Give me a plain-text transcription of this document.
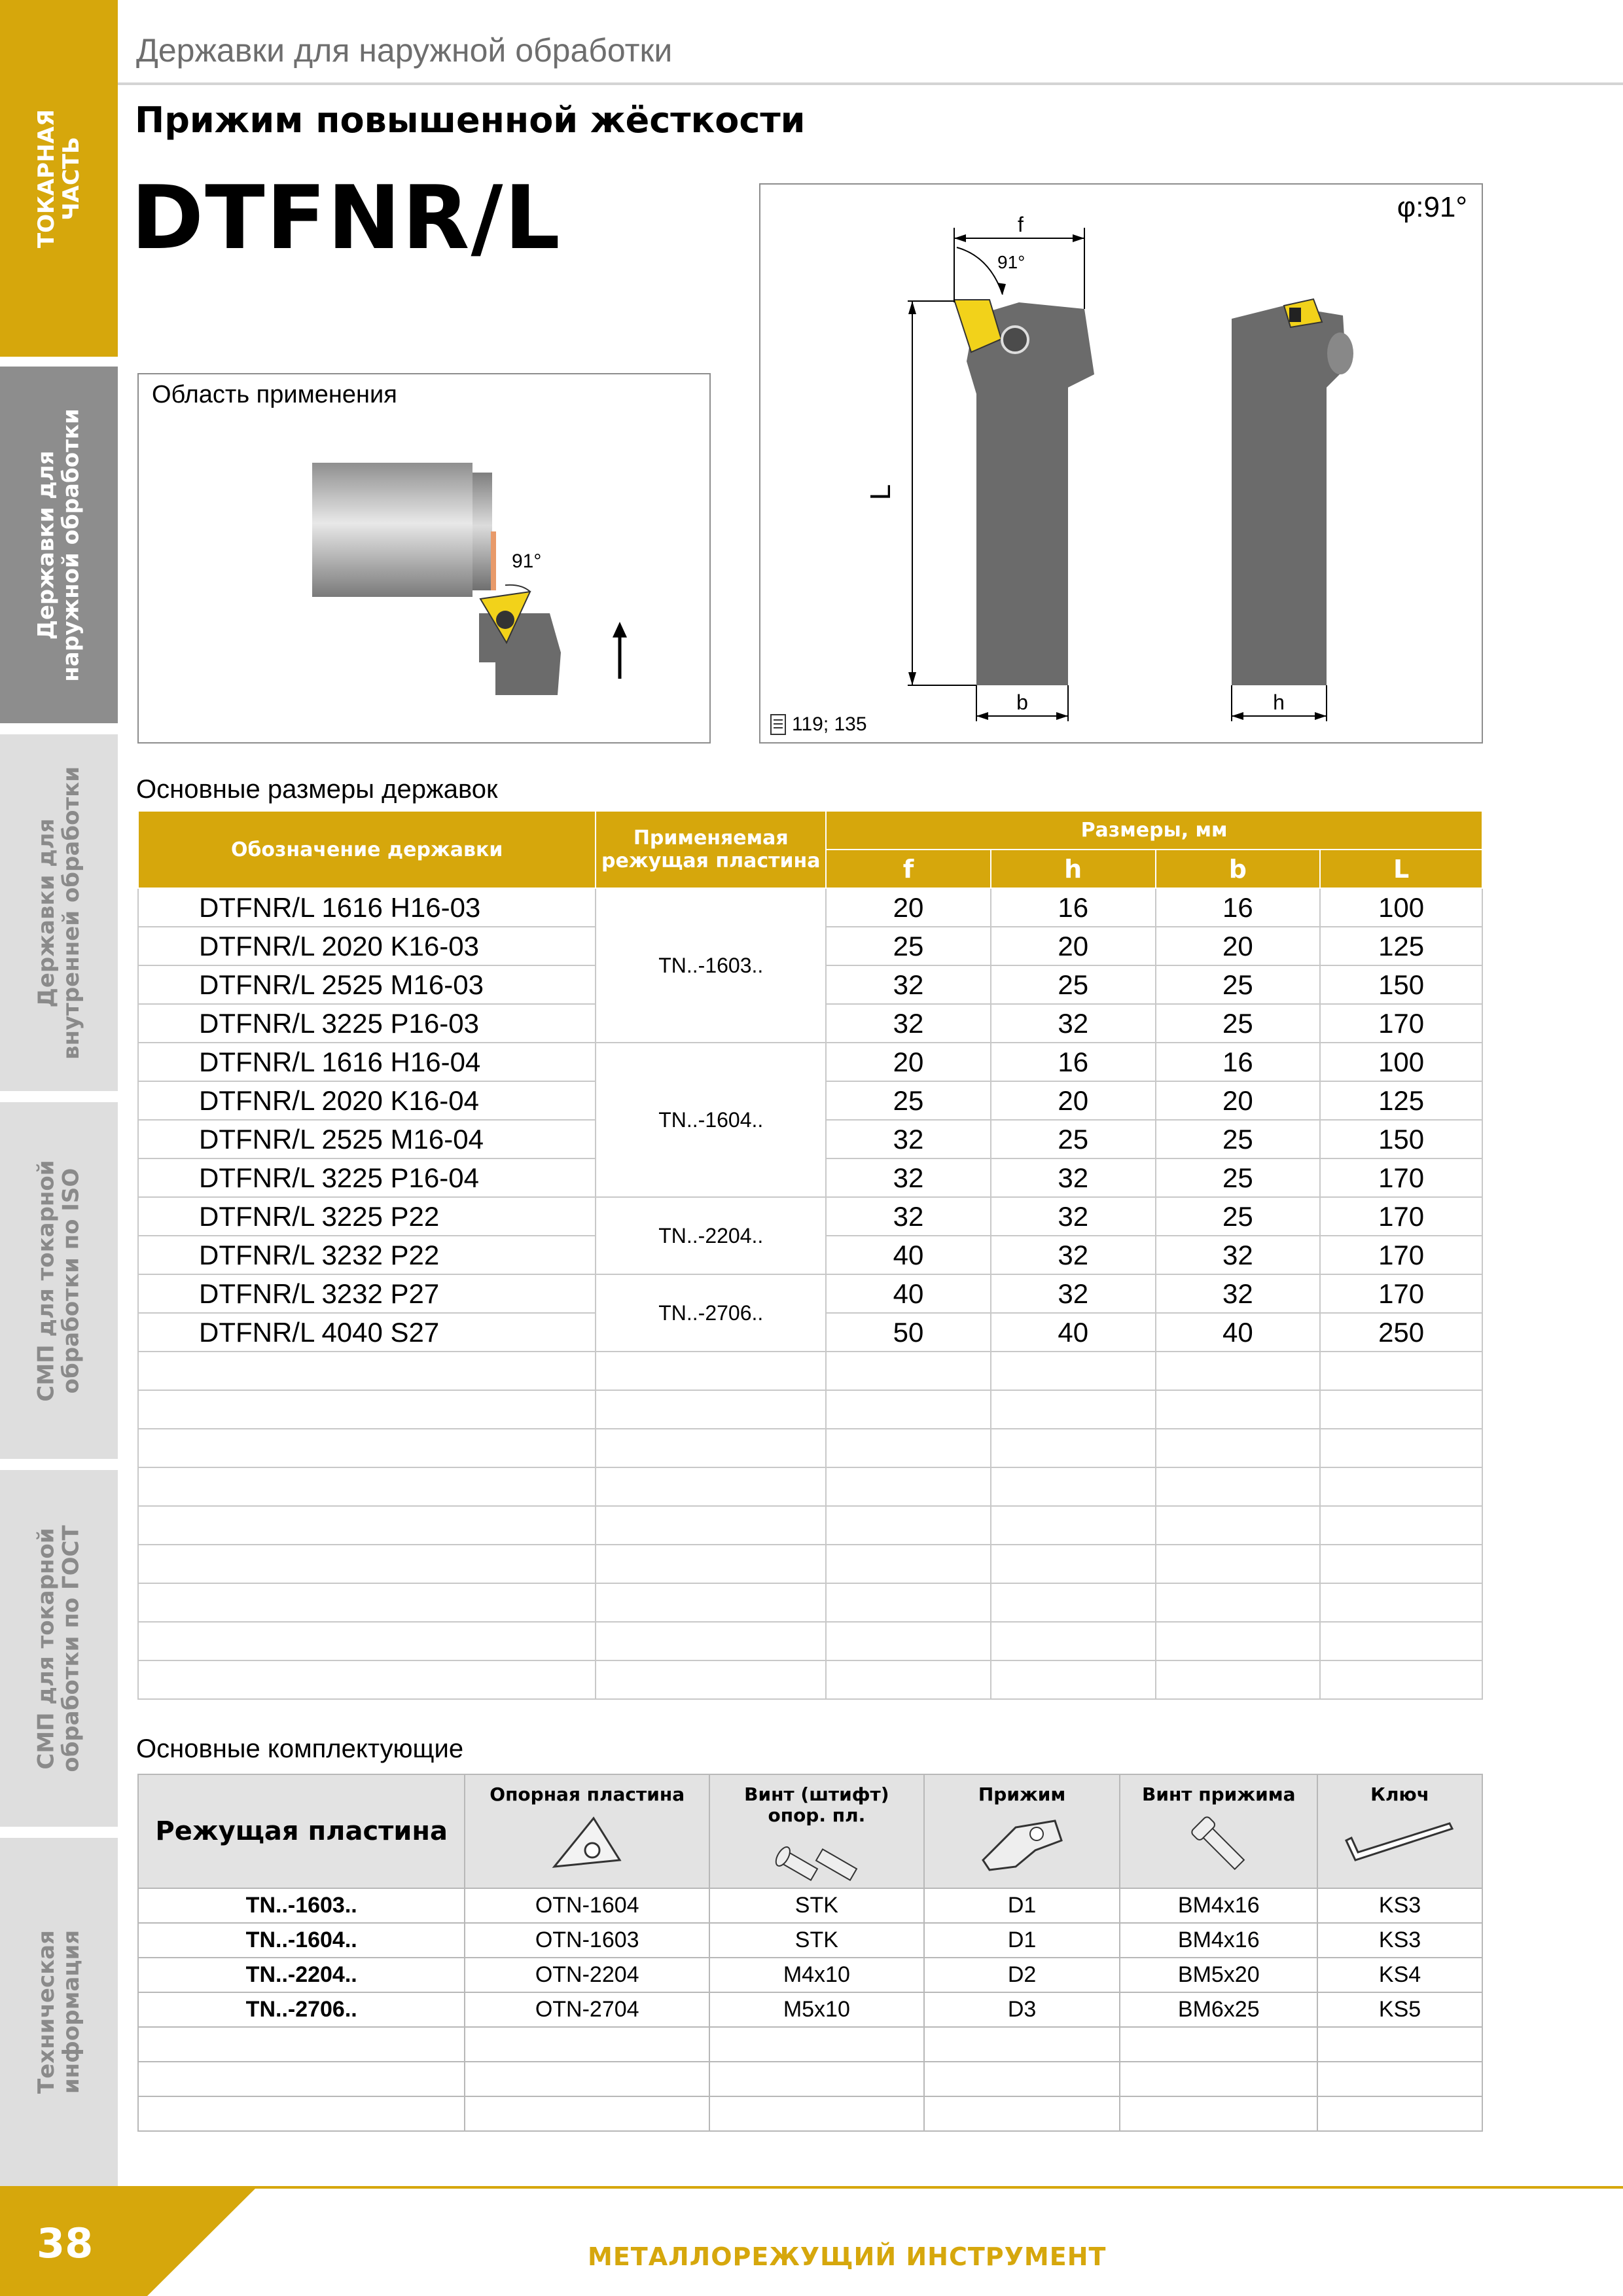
ТОКАРНАЯ
ЧАСТЬ
Державки для
наружной обработки
Державки для
внутренней обработки
СМП для токарной
обработки по ISO
СМП для токарной
обработки по ГОСТ
Техническая
информация
Державки для наружной обработки
Прижим повышенной жёсткости
DTFNR/L
Область применения
91°
φ:91°
f
91°
L
b	h
119; 135
Основные размеры державок
Обозначение державки	Применяемая режущая пластина	Размеры, мм			
		f	h	b	L
DTFNR/L 1616 H16-03	TN..-1603..	20	16	16	100
DTFNR/L 2020 K16-03		25	20	20	125
DTFNR/L 2525 M16-03		32	25	25	150
DTFNR/L 3225 P16-03		32	32	25	170
DTFNR/L 1616 H16-04	TN..-1604..	20	16	16	100
DTFNR/L 2020 K16-04		25	20	20	125
DTFNR/L 2525 M16-04		32	25	25	150
DTFNR/L 3225 P16-04		32	32	25	170
DTFNR/L 3225 P22	TN..-2204..	32	32	25	170
DTFNR/L 3232 P22		40	32	32	170
DTFNR/L 3232 P27	TN..-2706..	40	32	32	170
DTFNR/L 4040 S27		50	40	40	250

Основные комплектующие
Режущая пластина	Опорная пластина	Винт (штифт)
опор. пл.	Прижим	Винт прижима	Ключ

TN..-1603..	OTN-1604	STK	D1	BM4x16	KS3
TN..-1604..	OTN-1603	STK	D1	BM4x16	KS3
TN..-2204..	OTN-2204	M4x10	D2	BM5x20	KS4
TN..-2706..	OTN-2704	M5x10	D3	BM6x25	KS5

38	МЕТАЛЛОРЕЖУЩИЙ ИНСТРУМЕНТ
